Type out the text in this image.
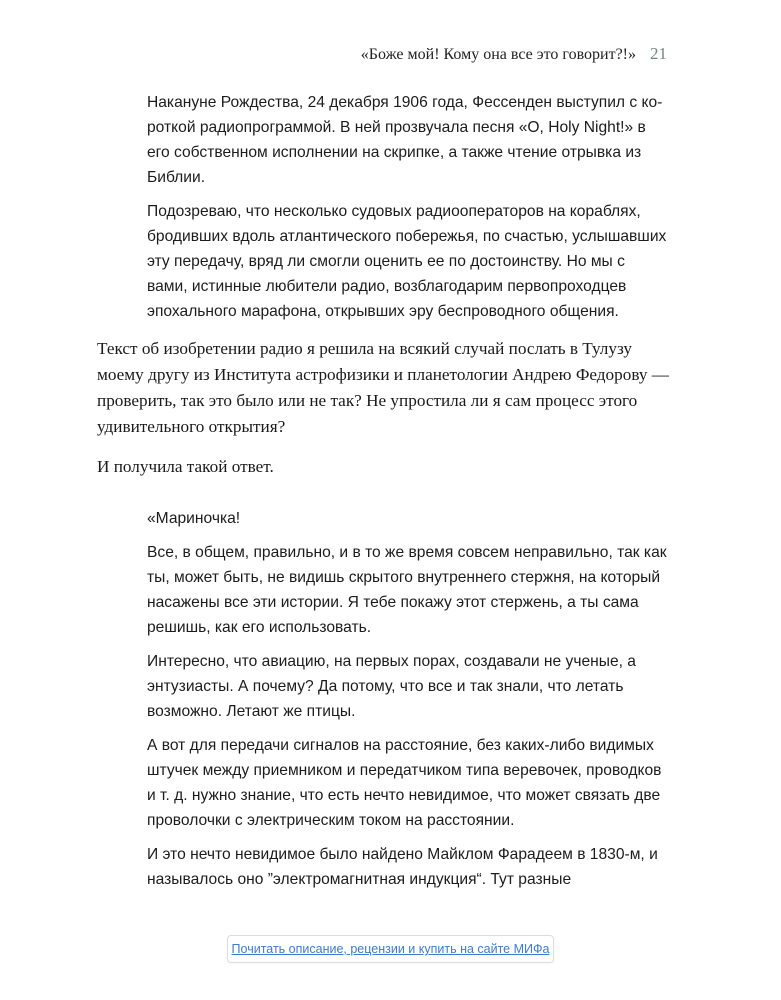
«Боже мой! Кому она все это говорит?!» 21

Накануне Рождества, 24 декабря 1906 года, Фессенден выступил с короткой радиопрограммой. В ней прозвучала песня «O, Holy Night!» в его собственном исполнении на скрипке, а также чтение отрывка из Библии.

Подозреваю, что несколько судовых радиооператоров на кораблях, бродивших вдоль атлантического побережья, по счастью, услышавших эту передачу, вряд ли смогли оценить ее по достоинству. Но мы с вами, истинные любители радио, возблагодарим первопроходцев эпохального марафона, открывших эру беспроводного общения.

Текст об изобретении радио я решила на всякий случай послать в Тулузу моему другу из Института астрофизики и планетологии Андрею Федорову — проверить, так это было или не так? Не упростила ли я сам процесс этого удивительного открытия?

И получила такой ответ.

«Мариночка!

Все, в общем, правильно, и в то же время совсем неправильно, так как ты, может быть, не видишь скрытого внутреннего стержня, на который насажены все эти истории. Я тебе покажу этот стержень, а ты сама решишь, как его использовать.

Интересно, что авиацию, на первых порах, создавали не ученые, а энтузиасты. А почему? Да потому, что все и так знали, что летать возможно. Летают же птицы.

А вот для передачи сигналов на расстояние, без каких-либо видимых штучек между приемником и передатчиком типа веревочек, проводков и т. д. нужно знание, что есть нечто невидимое, что может связать две проволочки с электрическим током на расстоянии.

И это нечто невидимое было найдено Майклом Фарадеем в 1830-м, и называлось оно ”электромагнитная индукция“. Тут разные

Почитать описание, рецензии и купить на сайте МИФа
